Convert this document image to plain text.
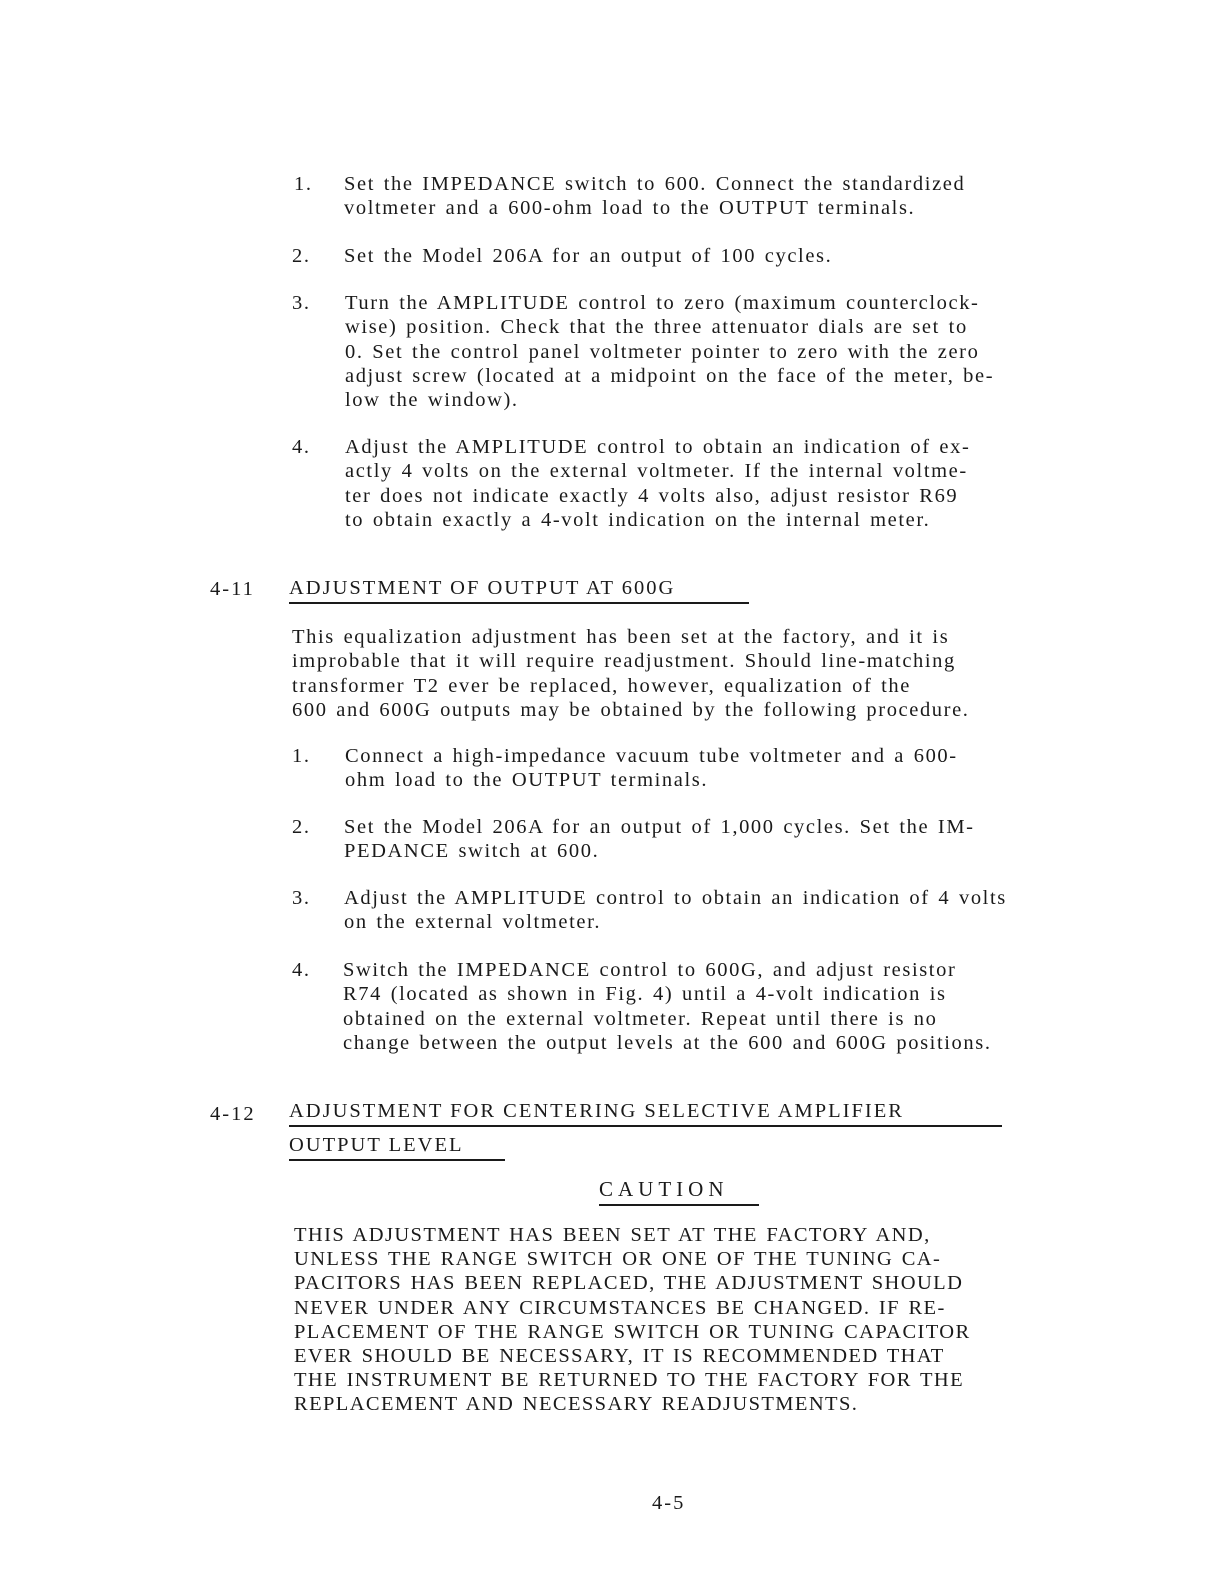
1. Set the IMPEDANCE switch to 600. Connect the standardized
voltmeter and a 600-ohm load to the OUTPUT terminals.
2. Set the Model 206A for an output of 100 cycles.
3. Turn the AMPLITUDE control to zero (maximum counterclock-
wise) position. Check that the three attenuator dials are set to
0. Set the control panel voltmeter pointer to zero with the zero
adjust screw (located at a midpoint on the face of the meter, be-
low the window).
4. Adjust the AMPLITUDE control to obtain an indication of ex-
actly 4 volts on the external voltmeter. If the internal voltme-
ter does not indicate exactly 4 volts also, adjust resistor R69
to obtain exactly a 4-volt indication on the internal meter.
4-11 ADJUSTMENT OF OUTPUT AT 600G
This equalization adjustment has been set at the factory, and it is
improbable that it will require readjustment. Should line-matching
transformer T2 ever be replaced, however, equalization of the
600 and 600G outputs may be obtained by the following procedure.
1. Connect a high-impedance vacuum tube voltmeter and a 600-
ohm load to the OUTPUT terminals.
2. Set the Model 206A for an output of 1,000 cycles. Set the IM-
PEDANCE switch at 600.
3. Adjust the AMPLITUDE control to obtain an indication of 4 volts
on the external voltmeter.
4. Switch the IMPEDANCE control to 600G, and adjust resistor
R74 (located as shown in Fig. 4) until a 4-volt indication is
obtained on the external voltmeter. Repeat until there is no
change between the output levels at the 600 and 600G positions.
4-12 ADJUSTMENT FOR CENTERING SELECTIVE AMPLIFIER
OUTPUT LEVEL
CAUTION
THIS ADJUSTMENT HAS BEEN SET AT THE FACTORY AND,
UNLESS THE RANGE SWITCH OR ONE OF THE TUNING CA-
PACITORS HAS BEEN REPLACED, THE ADJUSTMENT SHOULD
NEVER UNDER ANY CIRCUMSTANCES BE CHANGED. IF RE-
PLACEMENT OF THE RANGE SWITCH OR TUNING CAPACITOR
EVER SHOULD BE NECESSARY, IT IS RECOMMENDED THAT
THE INSTRUMENT BE RETURNED TO THE FACTORY FOR THE
REPLACEMENT AND NECESSARY READJUSTMENTS.
4-5
